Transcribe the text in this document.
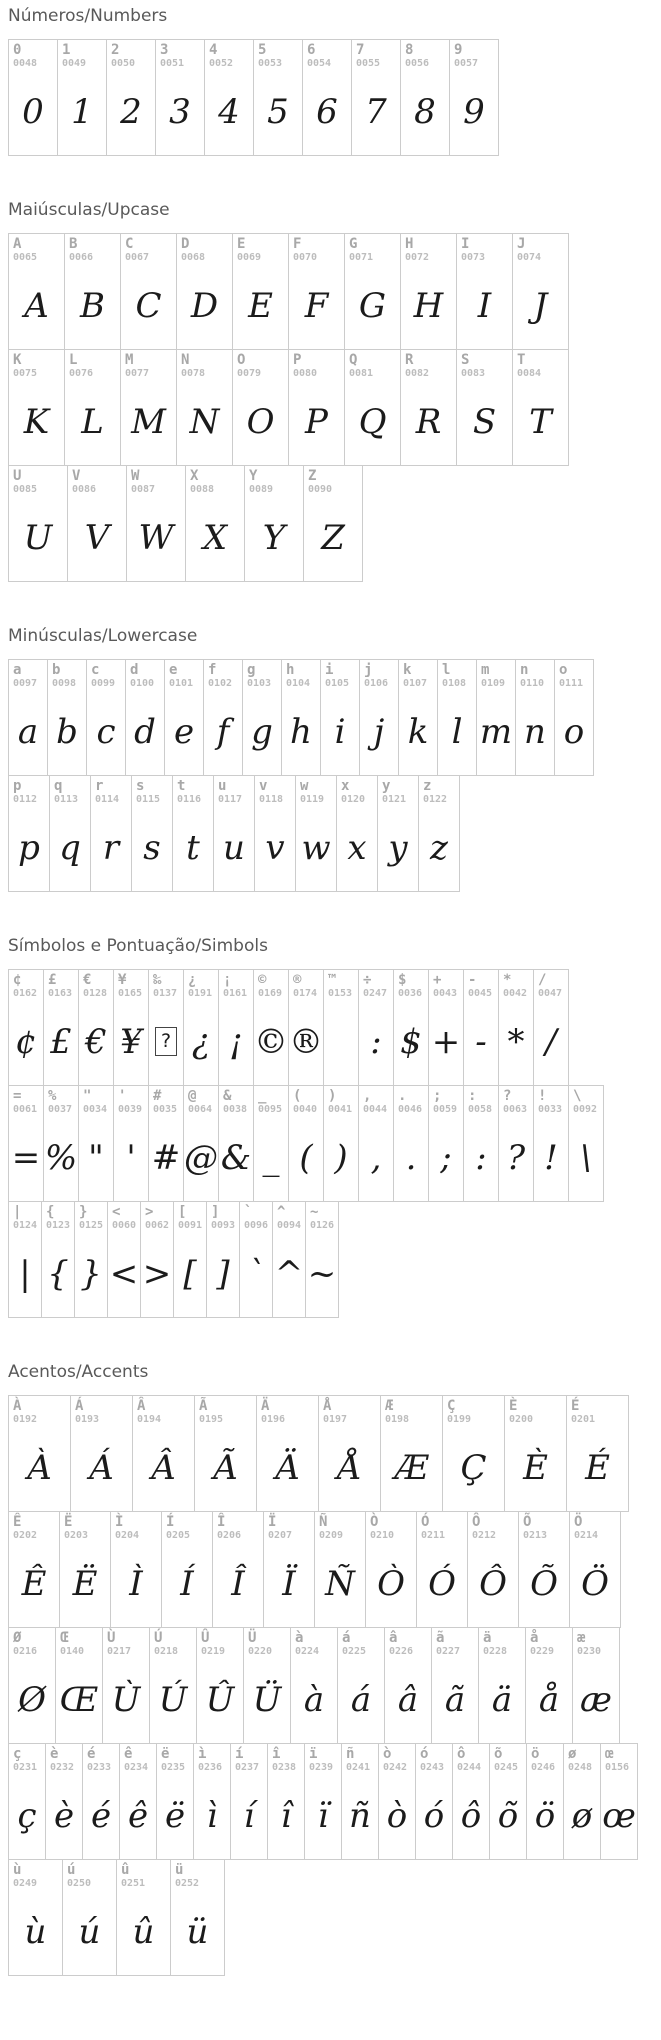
Números/Numbers
0
0048
0
1
0049
1
2
0050
2
3
0051
3
4
0052
4
5
0053
5
6
0054
6
7
0055
7
8
0056
8
9
0057
9
Maiúsculas/Upcase
A
0065
A
B
0066
B
C
0067
C
D
0068
D
E
0069
E
F
0070
F
G
0071
G
H
0072
H
I
0073
I
J
0074
J
K
0075
K
L
0076
L
M
0077
M
N
0078
N
O
0079
O
P
0080
P
Q
0081
Q
R
0082
R
S
0083
S
T
0084
T
U
0085
U
V
0086
V
W
0087
W
X
0088
X
Y
0089
Y
Z
0090
Z
Minúsculas/Lowercase
a
0097
a
b
0098
b
c
0099
c
d
0100
d
e
0101
e
f
0102
f
g
0103
g
h
0104
h
i
0105
i
j
0106
j
k
0107
k
l
0108
l
m
0109
m
n
0110
n
o
0111
o
p
0112
p
q
0113
q
r
0114
r
s
0115
s
t
0116
t
u
0117
u
v
0118
v
w
0119
w
x
0120
x
y
0121
y
z
0122
z
Símbolos e Pontuação/Simbols
¢
0162
¢
£
0163
£
€
0128
€
¥
0165
¥
‰
0137
?
¿
0191
¿
¡
0161
¡
©
0169
©
®
0174
®
™
0153
÷
0247
:
$
0036
$
+
0043
+
-
0045
-
*
0042
*
/
0047
/
=
0061
=
%
0037
%
"
0034
"
'
0039
'
#
0035
#
@
0064
@
&
0038
&
_
0095
_
(
0040
(
)
0041
)
,
0044
,
.
0046
.
;
0059
;
:
0058
:
?
0063
?
!
0033
!
\
0092
\
|
0124
|
{
0123
{
}
0125
}
<
0060
<
>
0062
>
[
0091
[
]
0093
]
`
0096
`
^
0094
^
~
0126
~
Acentos/Accents
À
0192
À
Á
0193
Á
Â
0194
Â
Ã
0195
Ã
Ä
0196
Ä
Å
0197
Å
Æ
0198
Æ
Ç
0199
Ç
È
0200
È
É
0201
É
Ê
0202
Ê
Ë
0203
Ë
Ì
0204
Ì
Í
0205
Í
Î
0206
Î
Ï
0207
Ï
Ñ
0209
Ñ
Ò
0210
Ò
Ó
0211
Ó
Ô
0212
Ô
Õ
0213
Õ
Ö
0214
Ö
Ø
0216
Ø
Œ
0140
Œ
Ù
0217
Ù
Ú
0218
Ú
Û
0219
Û
Ü
0220
Ü
à
0224
à
á
0225
á
â
0226
â
ã
0227
ã
ä
0228
ä
å
0229
å
æ
0230
æ
ç
0231
ç
è
0232
è
é
0233
é
ê
0234
ê
ë
0235
ë
ì
0236
ì
í
0237
í
î
0238
î
ï
0239
ï
ñ
0241
ñ
ò
0242
ò
ó
0243
ó
ô
0244
ô
õ
0245
õ
ö
0246
ö
ø
0248
ø
œ
0156
œ
ù
0249
ù
ú
0250
ú
û
0251
û
ü
0252
ü
